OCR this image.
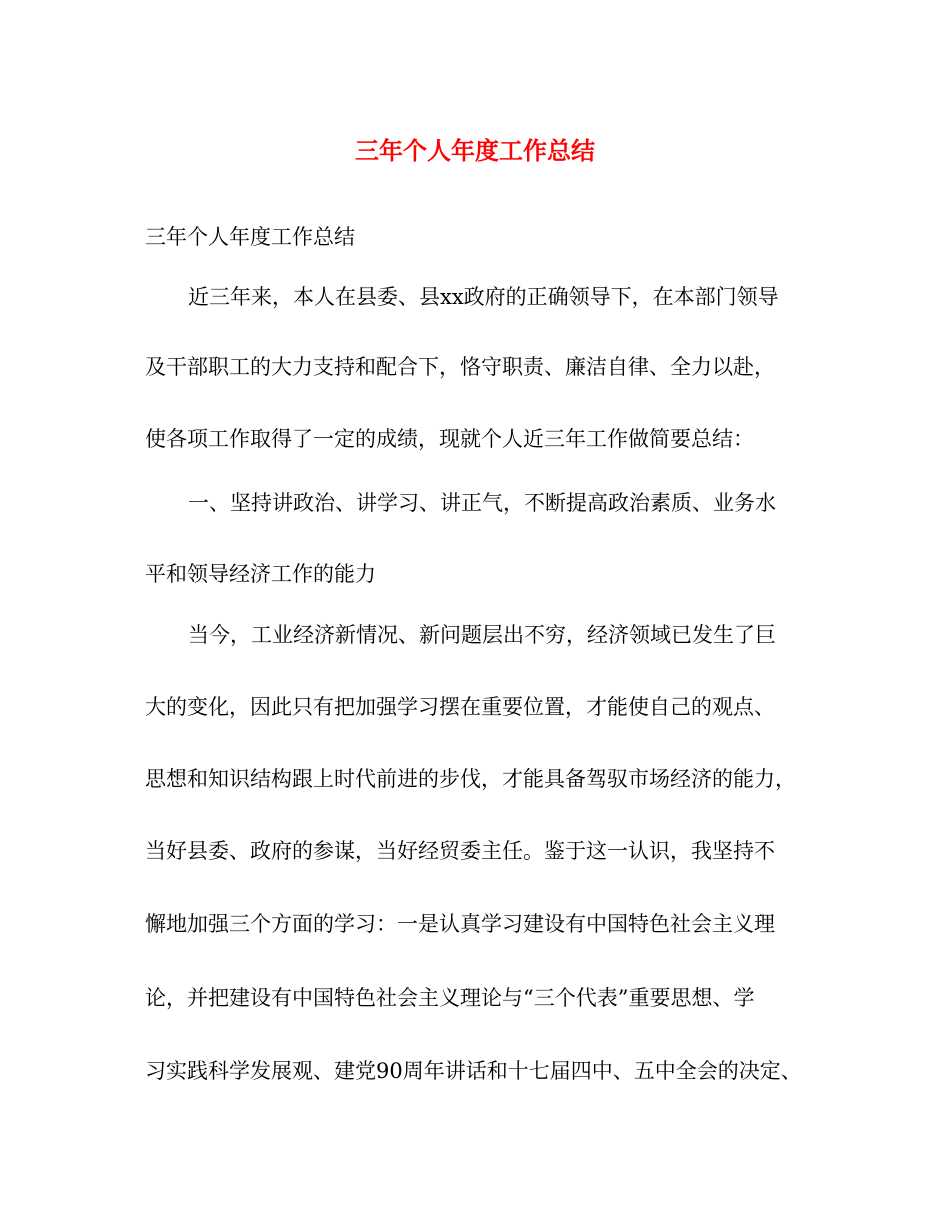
三年个人年度工作总结
三年个人年度工作总结
近三年来，本人在县委、县xx政府的正确领导下，在本部门领导
及干部职工的大力支持和配合下，恪守职责、廉洁自律、全力以赴，
使各项工作取得了一定的成绩，现就个人近三年工作做简要总结：
一、坚持讲政治、讲学习、讲正气，不断提高政治素质、业务水
平和领导经济工作的能力
当今，工业经济新情况、新问题层出不穷，经济领域已发生了巨
大的变化，因此只有把加强学习摆在重要位置，才能使自己的观点、
思想和知识结构跟上时代前进的步伐，才能具备驾驭市场经济的能力，
当好县委、政府的参谋，当好经贸委主任。鉴于这一认识，我坚持不
懈地加强三个方面的学习：一是认真学习建设有中国特色社会主义理
论，并把建设有中国特色社会主义理论与“三个代表”重要思想、学
习实践科学发展观、建党90周年讲话和十七届四中、五中全会的决定、
